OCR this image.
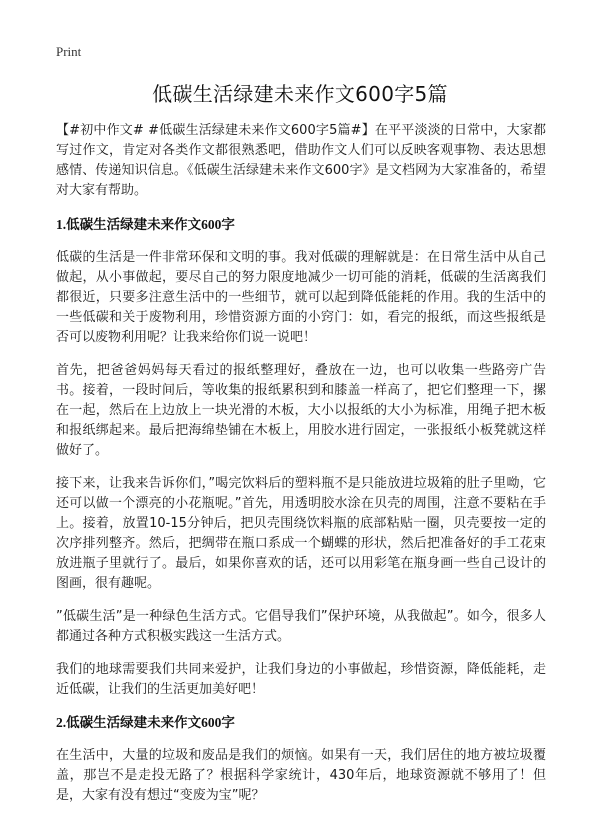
Print
低碳生活绿建未来作文600字5篇

【#初中作文# #低碳生活绿建未来作文600字5篇#】在平平淡淡的日常中，大家都写过作文，肯定对各类作文都很熟悉吧，借助作文人们可以反映客观事物、表达思想感情、传递知识信息。《低碳生活绿建未来作文600字》是文档网为大家准备的，希望对大家有帮助。

1.低碳生活绿建未来作文600字

低碳的生活是一件非常环保和文明的事。我对低碳的理解就是：在日常生活中从自己做起，从小事做起，要尽自己的努力限度地减少一切可能的消耗，低碳的生活离我们都很近，只要多注意生活中的一些细节，就可以起到降低能耗的作用。我的生活中的一些低碳和关于废物利用，珍惜资源方面的小窍门：如，看完的报纸，而这些报纸是否可以废物利用呢？让我来给你们说一说吧！

首先，把爸爸妈妈每天看过的报纸整理好，叠放在一边，也可以收集一些路旁广告书。接着，一段时间后，等收集的报纸累积到和膝盖一样高了，把它们整理一下，摞在一起，然后在上边放上一块光滑的木板，大小以报纸的大小为标准，用绳子把木板和报纸绑起来。最后把海绵垫铺在木板上，用胶水进行固定，一张报纸小板凳就这样做好了。

接下来，让我来告诉你们，”喝完饮料后的塑料瓶不是只能放进垃圾箱的肚子里呦，它还可以做一个漂亮的小花瓶呢。”首先，用透明胶水涂在贝壳的周围，注意不要粘在手上。接着，放置10-15分钟后，把贝壳围绕饮料瓶的底部粘贴一圈，贝壳要按一定的次序排列整齐。然后，把绸带在瓶口系成一个蝴蝶的形状，然后把准备好的手工花束放进瓶子里就行了。最后，如果你喜欢的话，还可以用彩笔在瓶身画一些自己设计的图画，很有趣呢。

”低碳生活”是一种绿色生活方式。它倡导我们”保护环境，从我做起”。如今，很多人都通过各种方式积极实践这一生活方式。

我们的地球需要我们共同来爱护，让我们身边的小事做起，珍惜资源，降低能耗，走近低碳，让我们的生活更加美好吧！

2.低碳生活绿建未来作文600字

在生活中，大量的垃圾和废品是我们的烦恼。如果有一天，我们居住的地方被垃圾覆盖，那岂不是走投无路了？根据科学家统计，430年后，地球资源就不够用了！但是，大家有没有想过“变废为宝”呢？
